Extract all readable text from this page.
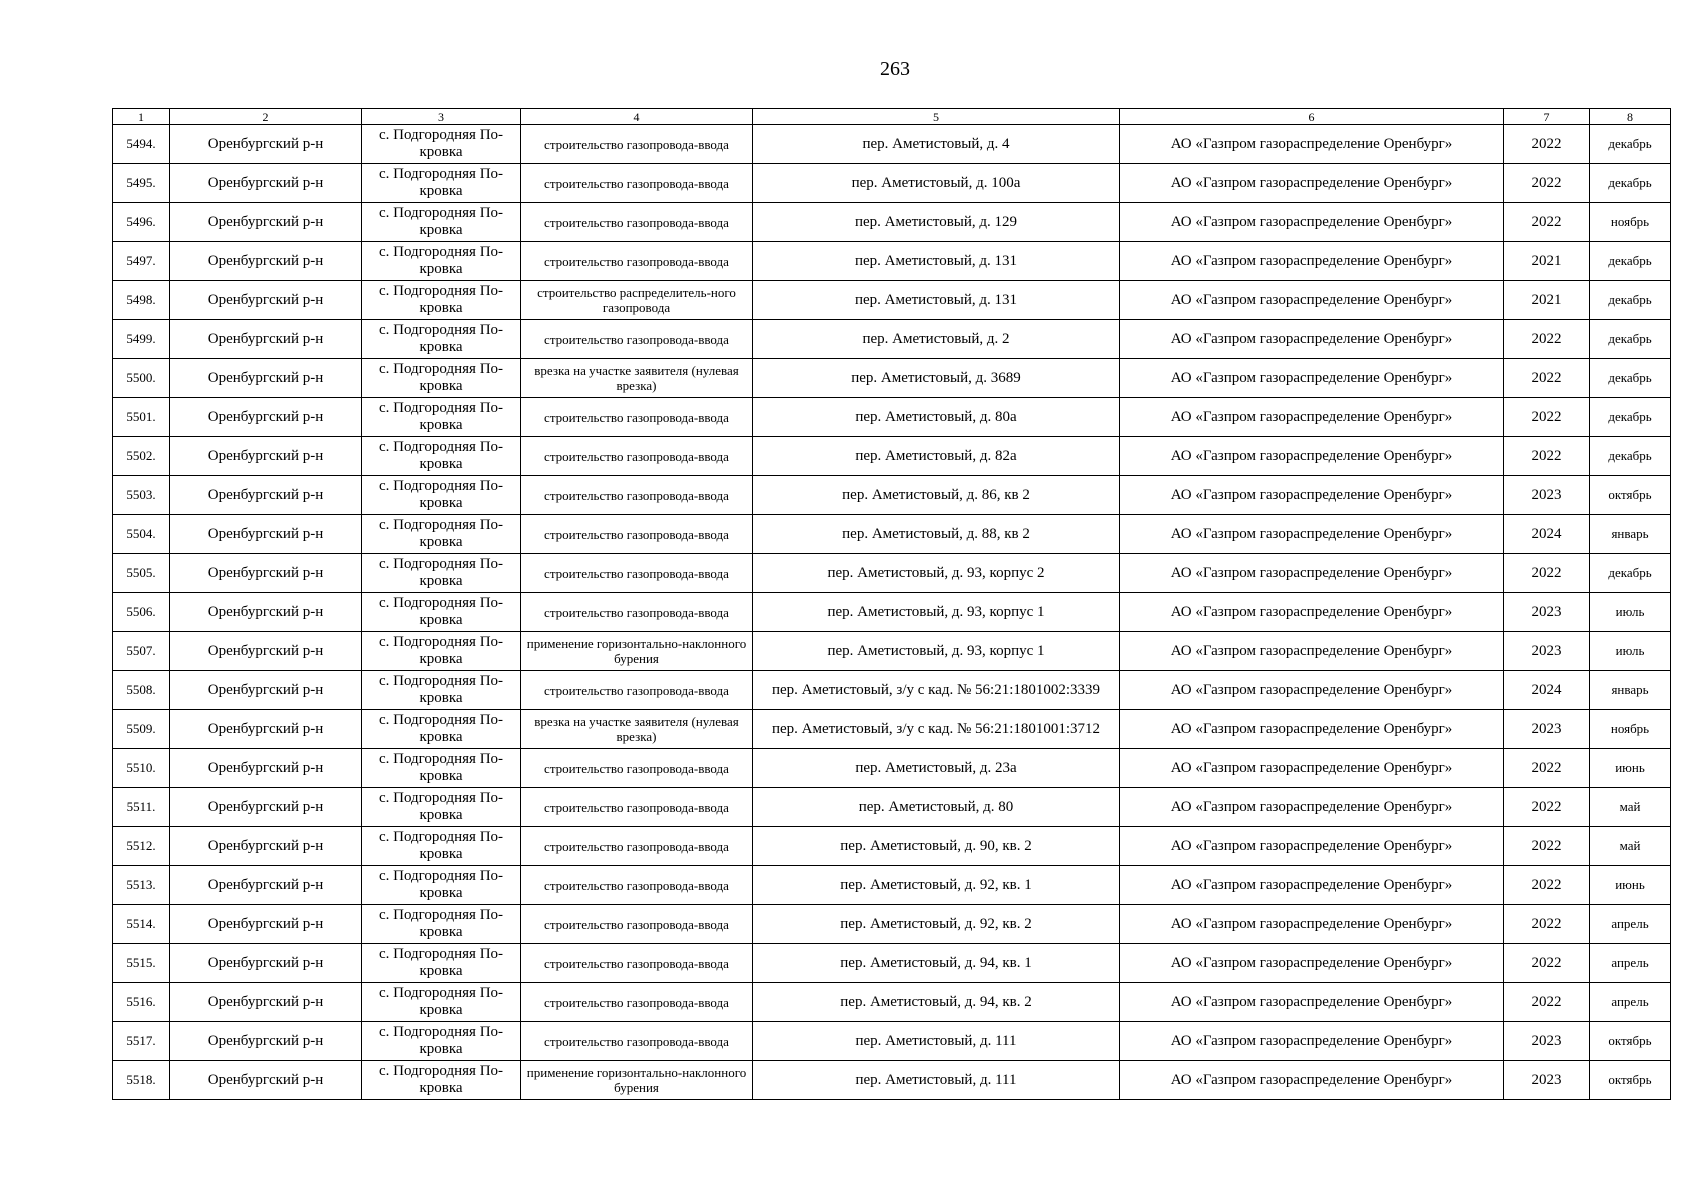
263
1	2	3	4	5	6	7	8
5494.	Оренбургский р-н	с. Подгородняя По-кровка	строительство газопровода-ввода	пер. Аметистовый, д. 4	АО «Газпром газораспределение Оренбург»	2022	декабрь
5495.	Оренбургский р-н	с. Подгородняя По-кровка	строительство газопровода-ввода	пер. Аметистовый, д. 100а	АО «Газпром газораспределение Оренбург»	2022	декабрь
5496.	Оренбургский р-н	с. Подгородняя По-кровка	строительство газопровода-ввода	пер. Аметистовый, д. 129	АО «Газпром газораспределение Оренбург»	2022	ноябрь
5497.	Оренбургский р-н	с. Подгородняя По-кровка	строительство газопровода-ввода	пер. Аметистовый, д. 131	АО «Газпром газораспределение Оренбург»	2021	декабрь
5498.	Оренбургский р-н	с. Подгородняя По-кровка	строительство распределитель-ного газопровода	пер. Аметистовый, д. 131	АО «Газпром газораспределение Оренбург»	2021	декабрь
5499.	Оренбургский р-н	с. Подгородняя По-кровка	строительство газопровода-ввода	пер. Аметистовый, д. 2	АО «Газпром газораспределение Оренбург»	2022	декабрь
5500.	Оренбургский р-н	с. Подгородняя По-кровка	врезка на участке заявителя (нулевая врезка)	пер. Аметистовый, д. 3689	АО «Газпром газораспределение Оренбург»	2022	декабрь
5501.	Оренбургский р-н	с. Подгородняя По-кровка	строительство газопровода-ввода	пер. Аметистовый, д. 80а	АО «Газпром газораспределение Оренбург»	2022	декабрь
5502.	Оренбургский р-н	с. Подгородняя По-кровка	строительство газопровода-ввода	пер. Аметистовый, д. 82а	АО «Газпром газораспределение Оренбург»	2022	декабрь
5503.	Оренбургский р-н	с. Подгородняя По-кровка	строительство газопровода-ввода	пер. Аметистовый, д. 86, кв 2	АО «Газпром газораспределение Оренбург»	2023	октябрь
5504.	Оренбургский р-н	с. Подгородняя По-кровка	строительство газопровода-ввода	пер. Аметистовый, д. 88, кв 2	АО «Газпром газораспределение Оренбург»	2024	январь
5505.	Оренбургский р-н	с. Подгородняя По-кровка	строительство газопровода-ввода	пер. Аметистовый, д. 93, корпус 2	АО «Газпром газораспределение Оренбург»	2022	декабрь
5506.	Оренбургский р-н	с. Подгородняя По-кровка	строительство газопровода-ввода	пер. Аметистовый, д. 93, корпус 1	АО «Газпром газораспределение Оренбург»	2023	июль
5507.	Оренбургский р-н	с. Подгородняя По-кровка	применение горизонтально-наклонного бурения	пер. Аметистовый, д. 93, корпус 1	АО «Газпром газораспределение Оренбург»	2023	июль
5508.	Оренбургский р-н	с. Подгородняя По-кровка	строительство газопровода-ввода	пер. Аметистовый, з/у с кад. № 56:21:1801002:3339	АО «Газпром газораспределение Оренбург»	2024	январь
5509.	Оренбургский р-н	с. Подгородняя По-кровка	врезка на участке заявителя (нулевая врезка)	пер. Аметистовый, з/у с кад. № 56:21:1801001:3712	АО «Газпром газораспределение Оренбург»	2023	ноябрь
5510.	Оренбургский р-н	с. Подгородняя По-кровка	строительство газопровода-ввода	пер. Аметистовый, д. 23а	АО «Газпром газораспределение Оренбург»	2022	июнь
5511.	Оренбургский р-н	с. Подгородняя По-кровка	строительство газопровода-ввода	пер. Аметистовый, д. 80	АО «Газпром газораспределение Оренбург»	2022	май
5512.	Оренбургский р-н	с. Подгородняя По-кровка	строительство газопровода-ввода	пер. Аметистовый, д. 90, кв. 2	АО «Газпром газораспределение Оренбург»	2022	май
5513.	Оренбургский р-н	с. Подгородняя По-кровка	строительство газопровода-ввода	пер. Аметистовый, д. 92, кв. 1	АО «Газпром газораспределение Оренбург»	2022	июнь
5514.	Оренбургский р-н	с. Подгородняя По-кровка	строительство газопровода-ввода	пер. Аметистовый, д. 92, кв. 2	АО «Газпром газораспределение Оренбург»	2022	апрель
5515.	Оренбургский р-н	с. Подгородняя По-кровка	строительство газопровода-ввода	пер. Аметистовый, д. 94, кв. 1	АО «Газпром газораспределение Оренбург»	2022	апрель
5516.	Оренбургский р-н	с. Подгородняя По-кровка	строительство газопровода-ввода	пер. Аметистовый, д. 94, кв. 2	АО «Газпром газораспределение Оренбург»	2022	апрель
5517.	Оренбургский р-н	с. Подгородняя По-кровка	строительство газопровода-ввода	пер. Аметистовый, д. 111	АО «Газпром газораспределение Оренбург»	2023	октябрь
5518.	Оренбургский р-н	с. Подгородняя По-кровка	применение горизонтально-наклонного бурения	пер. Аметистовый, д. 111	АО «Газпром газораспределение Оренбург»	2023	октябрь
